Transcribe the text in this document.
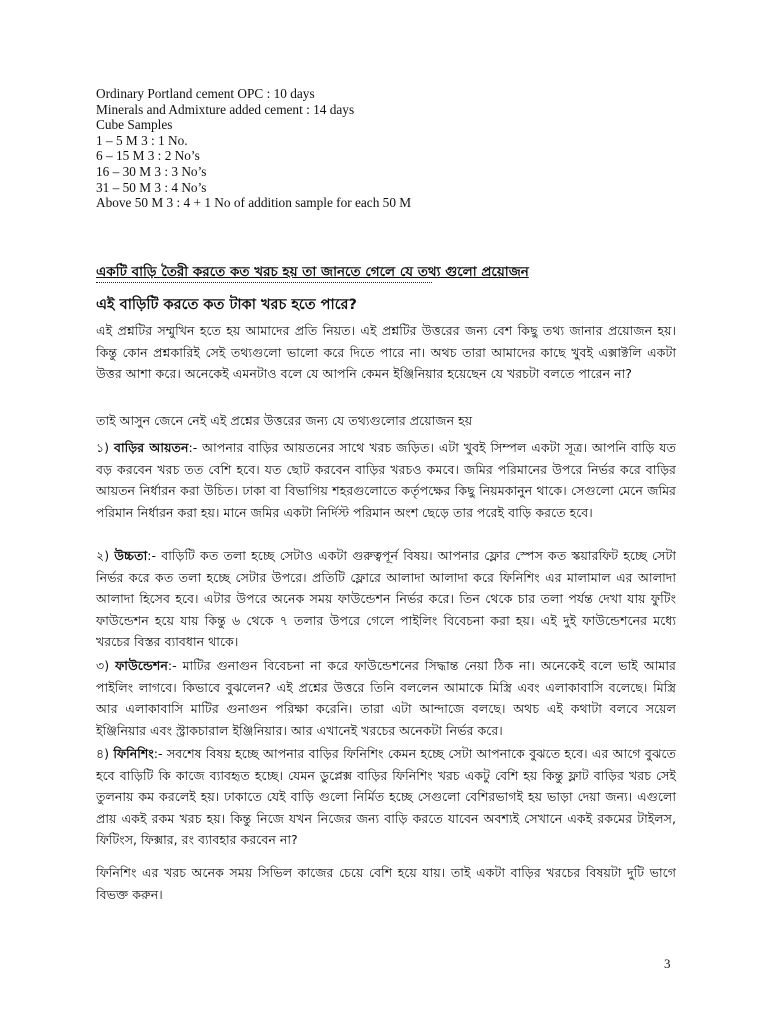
Ordinary Portland cement OPC : 10 days
Minerals and Admixture added cement : 14 days
Cube Samples
1 – 5 M 3 : 1 No.
6 – 15 M 3 : 2 No’s
16 – 30 M 3 : 3 No’s
31 – 50 M 3 : 4 No’s
Above 50 M 3 : 4 + 1 No of addition sample for each 50 M
একটি বাড়ি তৈরী করতে কত খরচ হয় তা জানতে গেলে যে তথ্য গুলো প্রয়োজন
এই বাড়িটি করতে কত টাকা খরচ হতে পারে?
এই প্রশ্নটির সম্মুখিন হতে হয় আমাদের প্রতি নিয়ত। এই প্রশ্নটির উত্তরের জন্য বেশ কিছু তথ্য জানার প্রয়োজন হয়। কিন্তু কোন প্রশ্নকারিই সেই তথ্যগুলো ভালো করে দিতে পারে না। অথচ তারা আমাদের কাছে খুবই এক্সাক্টলি একটা উত্তর আশা করে। অনেকেই এমনটাও বলে যে আপনি কেমন ইঞ্জিনিয়ার হয়েছেন যে খরচটা বলতে পারেন না?
তাই আসুন জেনে নেই এই প্রশ্নের উত্তরের জন্য যে তথ্যগুলোর প্রয়োজন হয়
১) বাড়ির আয়তন:- আপনার বাড়ির আয়তনের সাথে খরচ জড়িত। এটা খুবই সিম্পল একটা সূত্র। আপনি বাড়ি যত বড় করবেন খরচ তত বেশি হবে। যত ছোট করবেন বাড়ির খরচও কমবে। জমির পরিমানের উপরে নির্ভর করে বাড়ির আয়তন নির্ধারন করা উচিত। ঢাকা বা বিভাগিয় শহরগুলোতে কর্তৃপক্ষের কিছু নিয়মকানুন থাকে। সেগুলো মেনে জমির পরিমান নির্ধারন করা হয়। মানে জমির একটা নির্দিস্ট পরিমান অংশ ছেড়ে তার পরেই বাড়ি করতে হবে।
২) উচ্চতা:- বাড়িটি কত তলা হচ্ছে সেটাও একটা গুরুত্বপূর্ন বিষয়। আপনার ফ্লোর স্পেস কত স্কয়ারফিট হচ্ছে সেটা নির্ভর করে কত তলা হচ্ছে সেটার উপরে। প্রতিটি ফ্লোরে আলাদা আলাদা করে ফিনিশিং এর মালামাল এর আলাদা আলাদা হিসেব হবে। এটার উপরে অনেক সময় ফাউন্ডেশন নির্ভর করে। তিন থেকে চার তলা পর্যন্ত দেখা যায় ফুটিং ফাউন্ডেশন হয়ে যায় কিন্তু ৬ থেকে ৭ তলার উপরে গেলে পাইলিং বিবেচনা করা হয়। এই দুই ফাউন্ডেশনের মধ্যে খরচের বিস্তর ব্যাবধান থাকে।
৩) ফাউন্ডেশন:- মাটির গুনাগুন বিবেচনা না করে ফাউন্ডেশনের সিদ্ধান্ত নেয়া ঠিক না। অনেকেই বলে ভাই আমার পাইলিং লাগবে। কিভাবে বুঝলেন? এই প্রশ্নের উত্তরে তিনি বললেন আমাকে মিস্ত্রি এবং এলাকাবাসি বলেছে। মিস্ত্রি আর এলাকাবাসি মাটির গুনাগুন পরিক্ষা করেনি। তারা এটা আন্দাজে বলছে। অথচ এই কথাটা বলবে সয়েল ইঞ্জিনিয়ার এবং স্ট্রাকচারাল ইঞ্জিনিয়ার। আর এখানেই খরচের অনেকটা নির্ভর করে।
৪) ফিনিশিং:- সবশেষ বিষয় হচ্ছে আপনার বাড়ির ফিনিশিং কেমন হচ্ছে সেটা আপনাকে বুঝতে হবে। এর আগে বুঝতে হবে বাড়িটি কি কাজে ব্যাবহৃত হচ্ছে। যেমন ডুপ্লেক্স বাড়ির ফিনিশিং খরচ একটু বেশি হয় কিন্তু ফ্লাট বাড়ির খরচ সেই তুলনায় কম করলেই হয়। ঢাকাতে যেই বাড়ি গুলো নির্মিত হচ্ছে সেগুলো বেশিরভাগই হয় ভাড়া দেয়া জন্য। এগুলো প্রায় একই রকম খরচ হয়। কিন্তু নিজে যখন নিজের জন্য বাড়ি করতে যাবেন অবশ্যই সেখানে একই রকমের টাইলস, ফিটিংস, ফিক্সার, রং ব্যাবহার করবেন না?
ফিনিশিং এর খরচ অনেক সময় সিভিল কাজের চেয়ে বেশি হয়ে যায়। তাই একটা বাড়ির খরচের বিষয়টা দুটি ভাগে বিভক্ত করুন।
3
